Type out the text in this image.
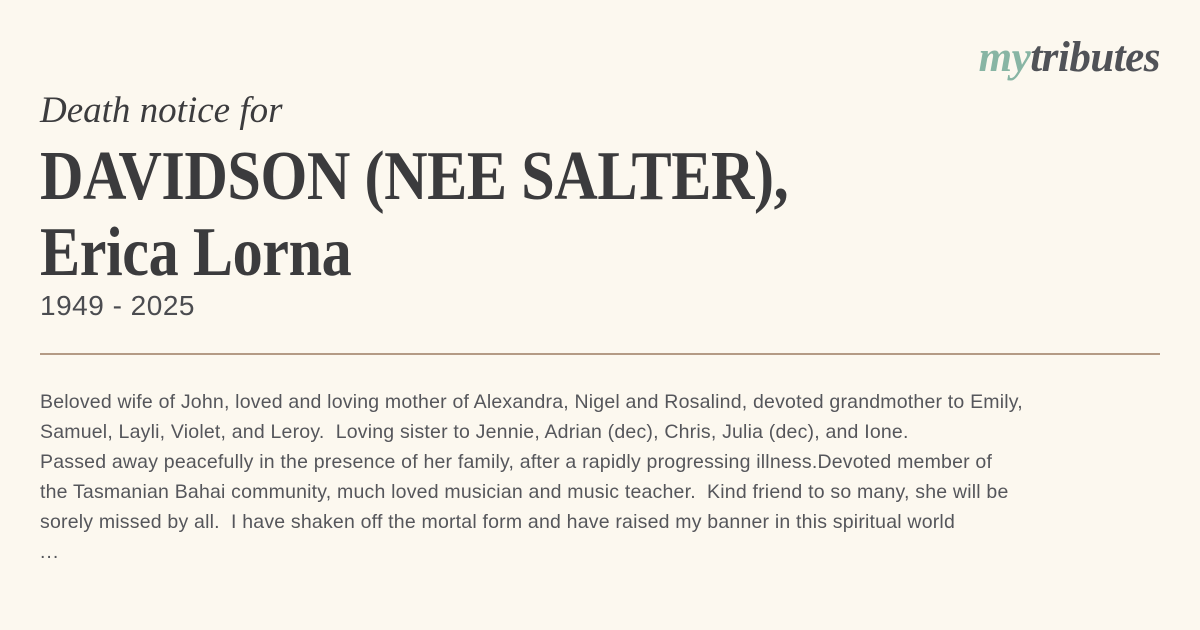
mytributes
Death notice for
DAVIDSON (NEE SALTER),
Erica Lorna
1949 - 2025
Beloved wife of John, loved and loving mother of Alexandra, Nigel and Rosalind, devoted grandmother to Emily,
Samuel, Layli, Violet, and Leroy.  Loving sister to Jennie, Adrian (dec), Chris, Julia (dec), and Ione.
Passed away peacefully in the presence of her family, after a rapidly progressing illness.Devoted member of
the Tasmanian Bahai community, much loved musician and music teacher.  Kind friend to so many, she will be
sorely missed by all.  I have shaken off the mortal form and have raised my banner in this spiritual world
...
